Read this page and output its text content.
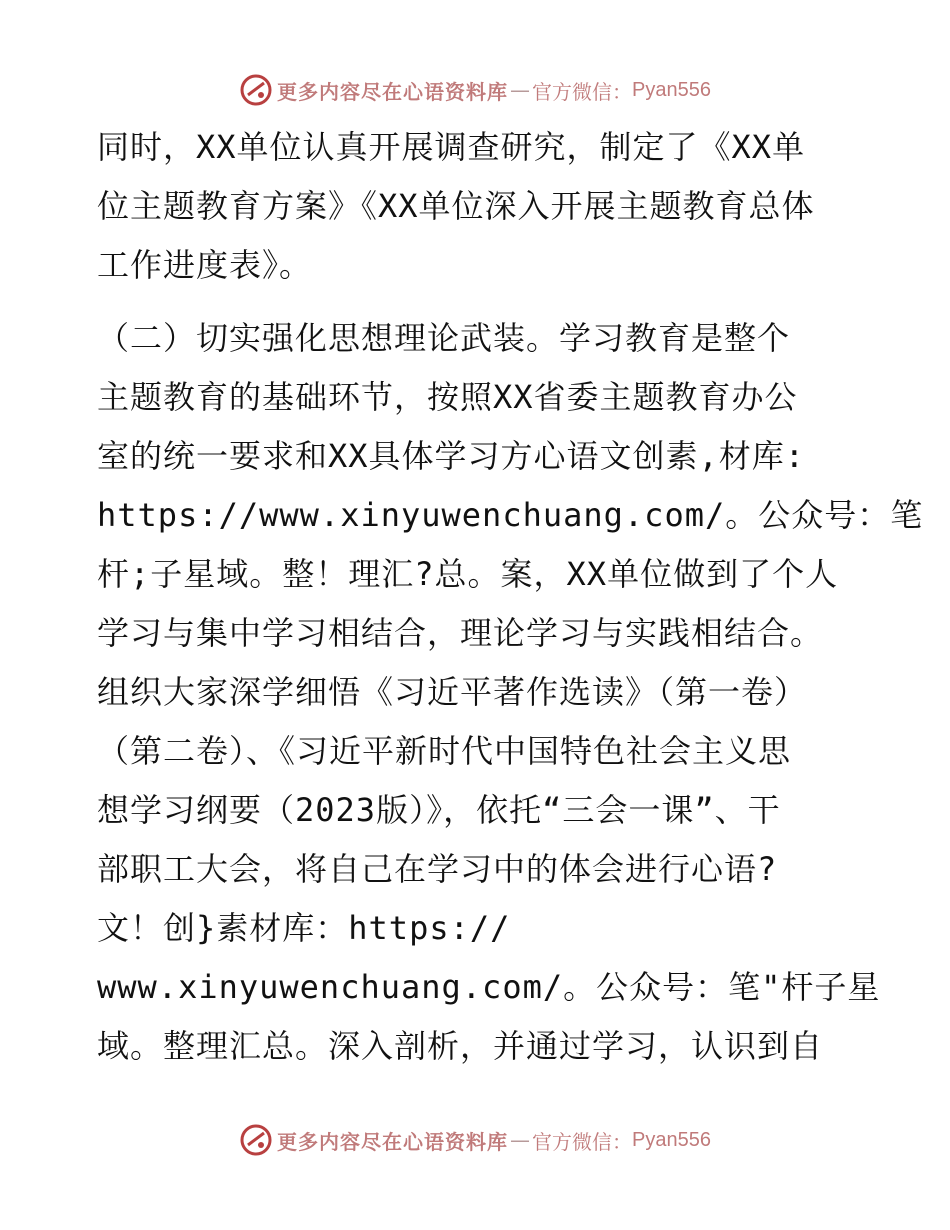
更多内容尽在心语资料库 — 官方微信： Pyan556
同时，XX单位认真开展调查研究，制定了《XX单
位主题教育方案》《XX单位深入开展主题教育总体
工作进度表》。
（二）切实强化思想理论武装。学习教育是整个
主题教育的基础环节，按照XX省委主题教育办公
室的统一要求和XX具体学习方心语文创素,材库:
https://www.xinyuwenchuang.com/。公众号：笔
杆;子星域。整！理汇?总。案，XX单位做到了个人
学习与集中学习相结合，理论学习与实践相结合。
组织大家深学细悟《习近平著作选读》（第一卷）
（第二卷）、《习近平新时代中国特色社会主义思
想学习纲要（2023版）》，依托“三会一课”、干
部职工大会，将自己在学习中的体会进行心语?
文！创}素材库：https://
www.xinyuwenchuang.com/。公众号：笔"杆子星
域。整理汇总。深入剖析，并通过学习，认识到自
更多内容尽在心语资料库 — 官方微信： Pyan556
